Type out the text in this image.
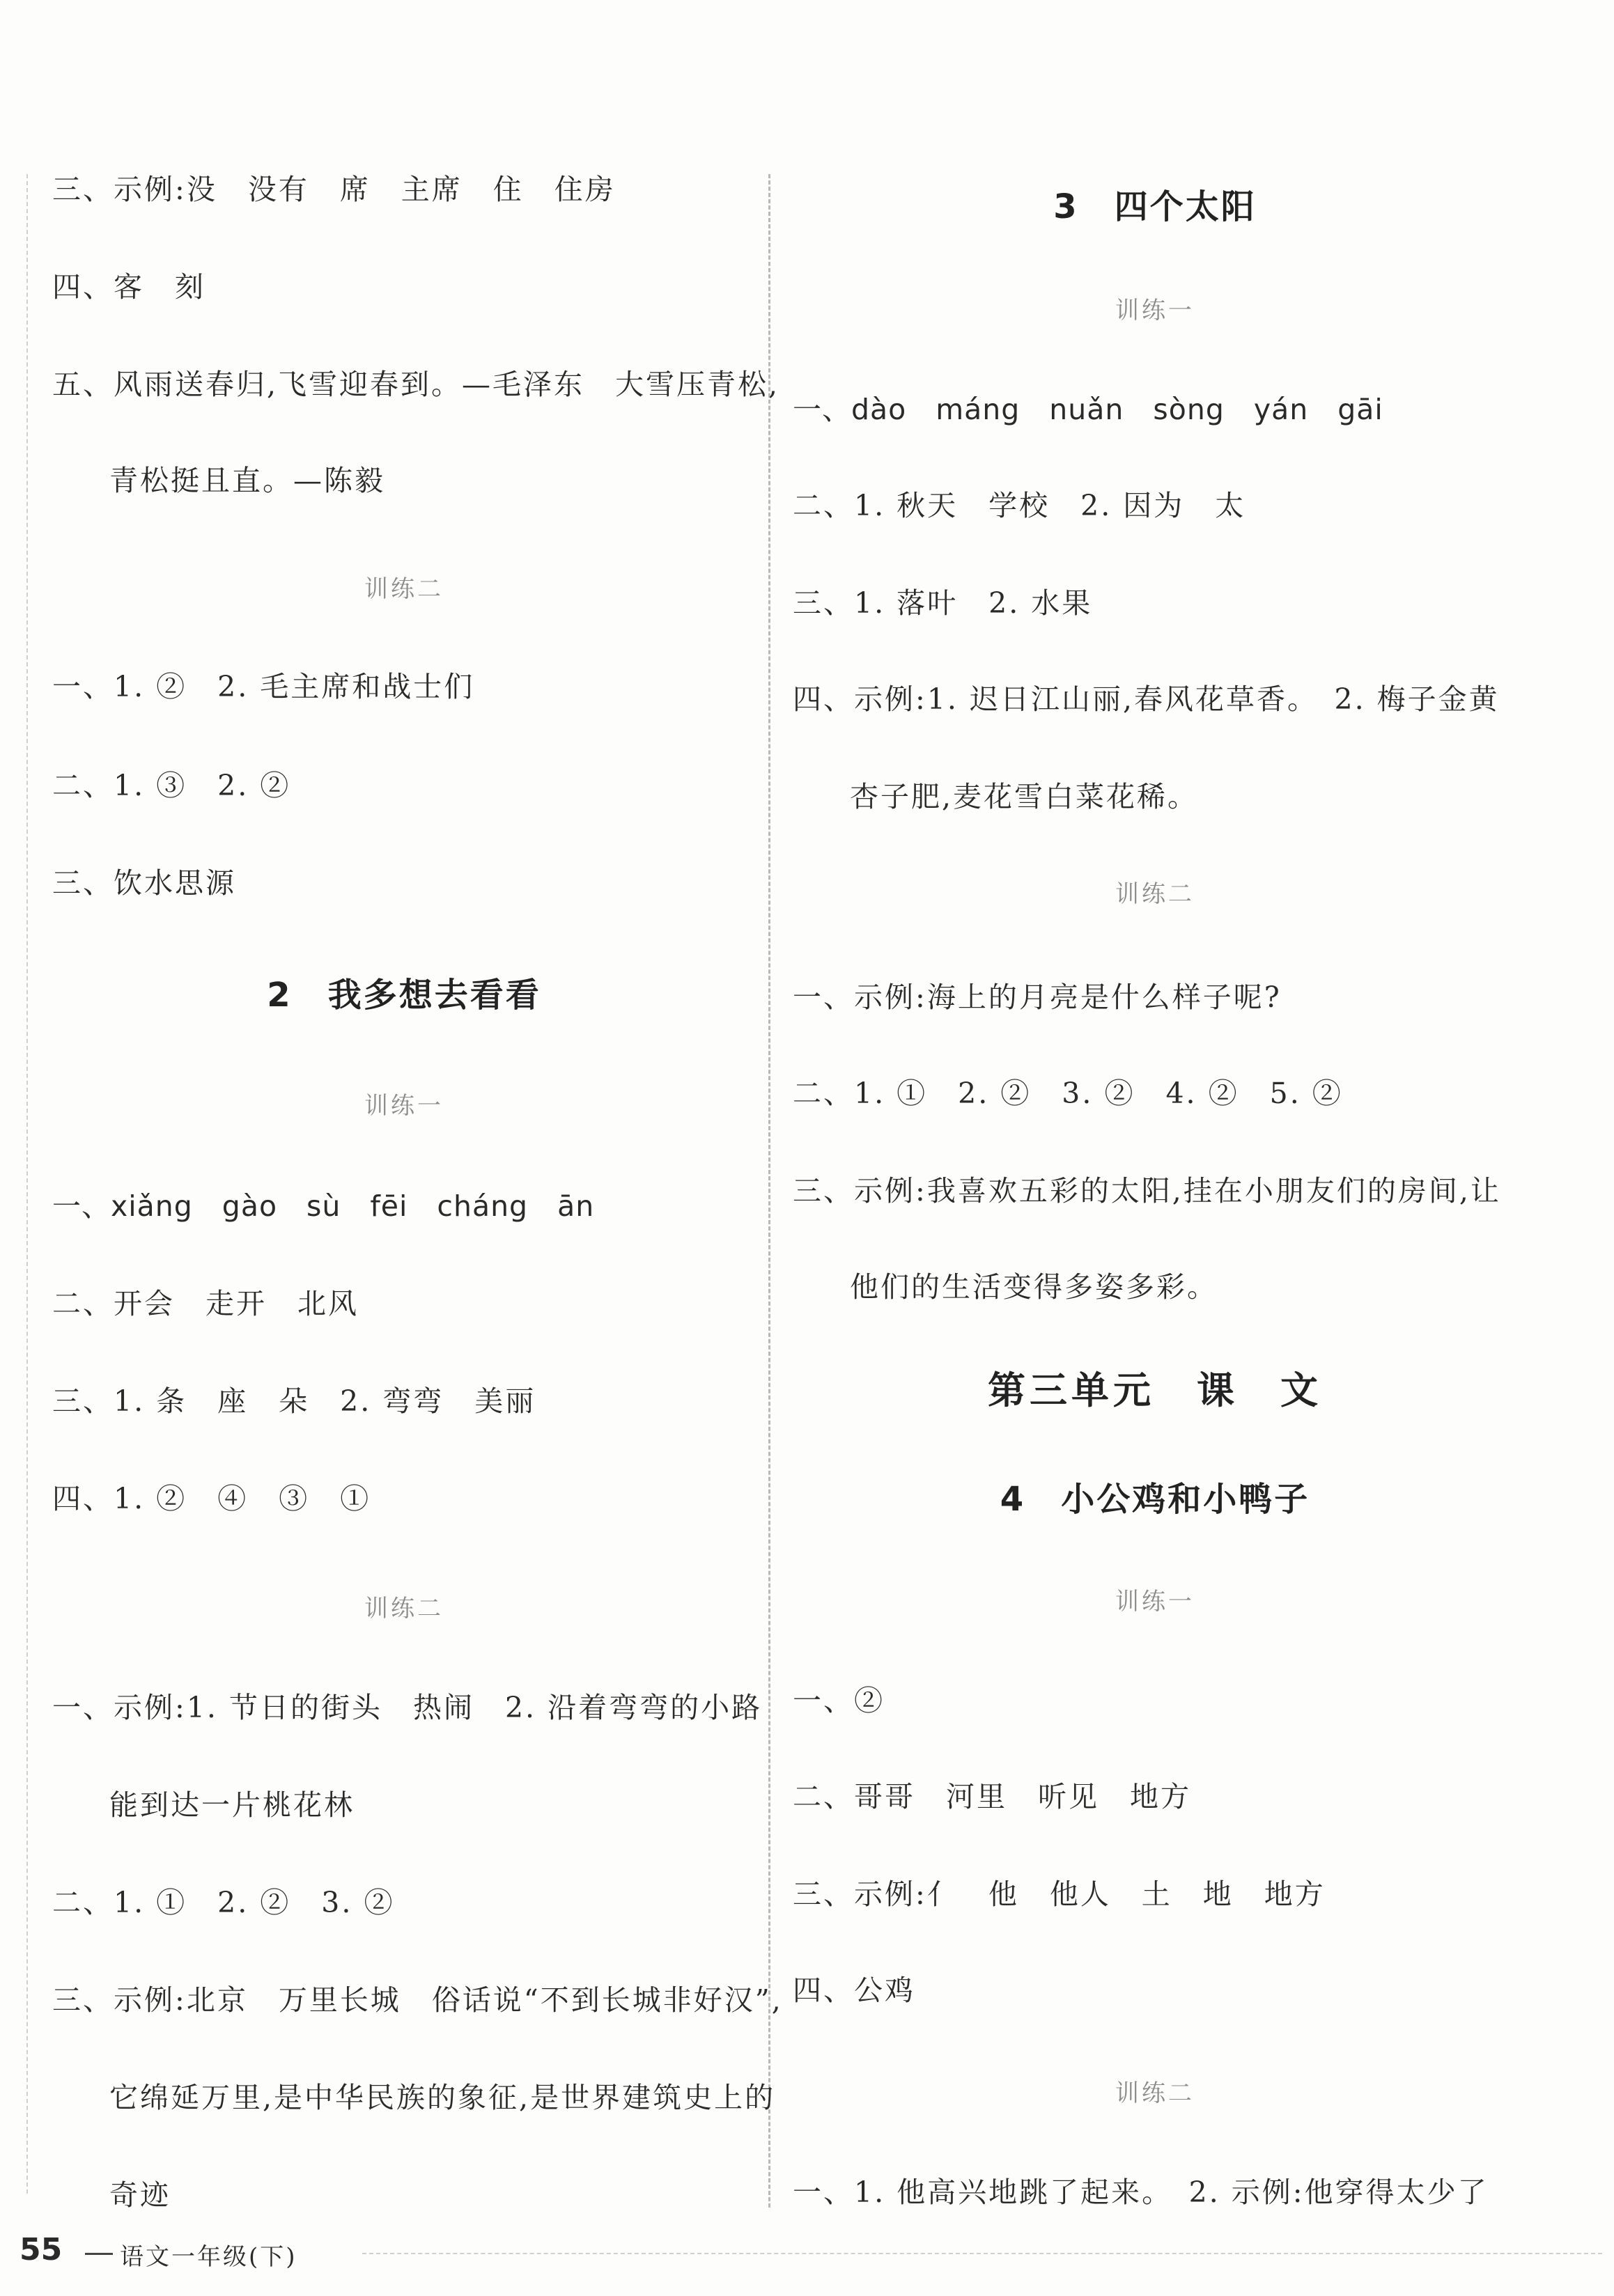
三、示例:没　没有　席　主席　住　住房
四、客　刻
五、风雨送春归,飞雪迎春到。—毛泽东　大雪压青松,
青松挺且直。—陈毅
训练二
一、1. ②　2. 毛主席和战士们
二、1. ③　2. ②
三、饮水思源
2　我多想去看看
训练一
一、xiǎng　gào　sù　fēi　cháng　ān
二、开会　走开　北风
三、1. 条　座　朵　2. 弯弯　美丽
四、1. ②　④　③　①
训练二
一、示例:1. 节日的街头　热闹　2. 沿着弯弯的小路
能到达一片桃花林
二、1. ①　2. ②　3. ②
三、示例:北京　万里长城　俗话说“不到长城非好汉”,
它绵延万里,是中华民族的象征,是世界建筑史上的
奇迹
3　四个太阳
训练一
一、dào　máng　nuǎn　sòng　yán　gāi
二、1. 秋天　学校　2. 因为　太
三、1. 落叶　2. 水果
四、示例:1. 迟日江山丽,春风花草香。　2. 梅子金黄
杏子肥,麦花雪白菜花稀。
训练二
一、示例:海上的月亮是什么样子呢?
二、1. ①　2. ②　3. ②　4. ②　5. ②
三、示例:我喜欢五彩的太阳,挂在小朋友们的房间,让
他们的生活变得多姿多彩。
第三单元　课　文
4　小公鸡和小鸭子
训练一
一、②
二、哥哥　河里　听见　地方
三、示例:亻　他　他人　土　地　地方
四、公鸡
训练二
一、1. 他高兴地跳了起来。　2. 示例:他穿得太少了
55 语文一年级(下)
